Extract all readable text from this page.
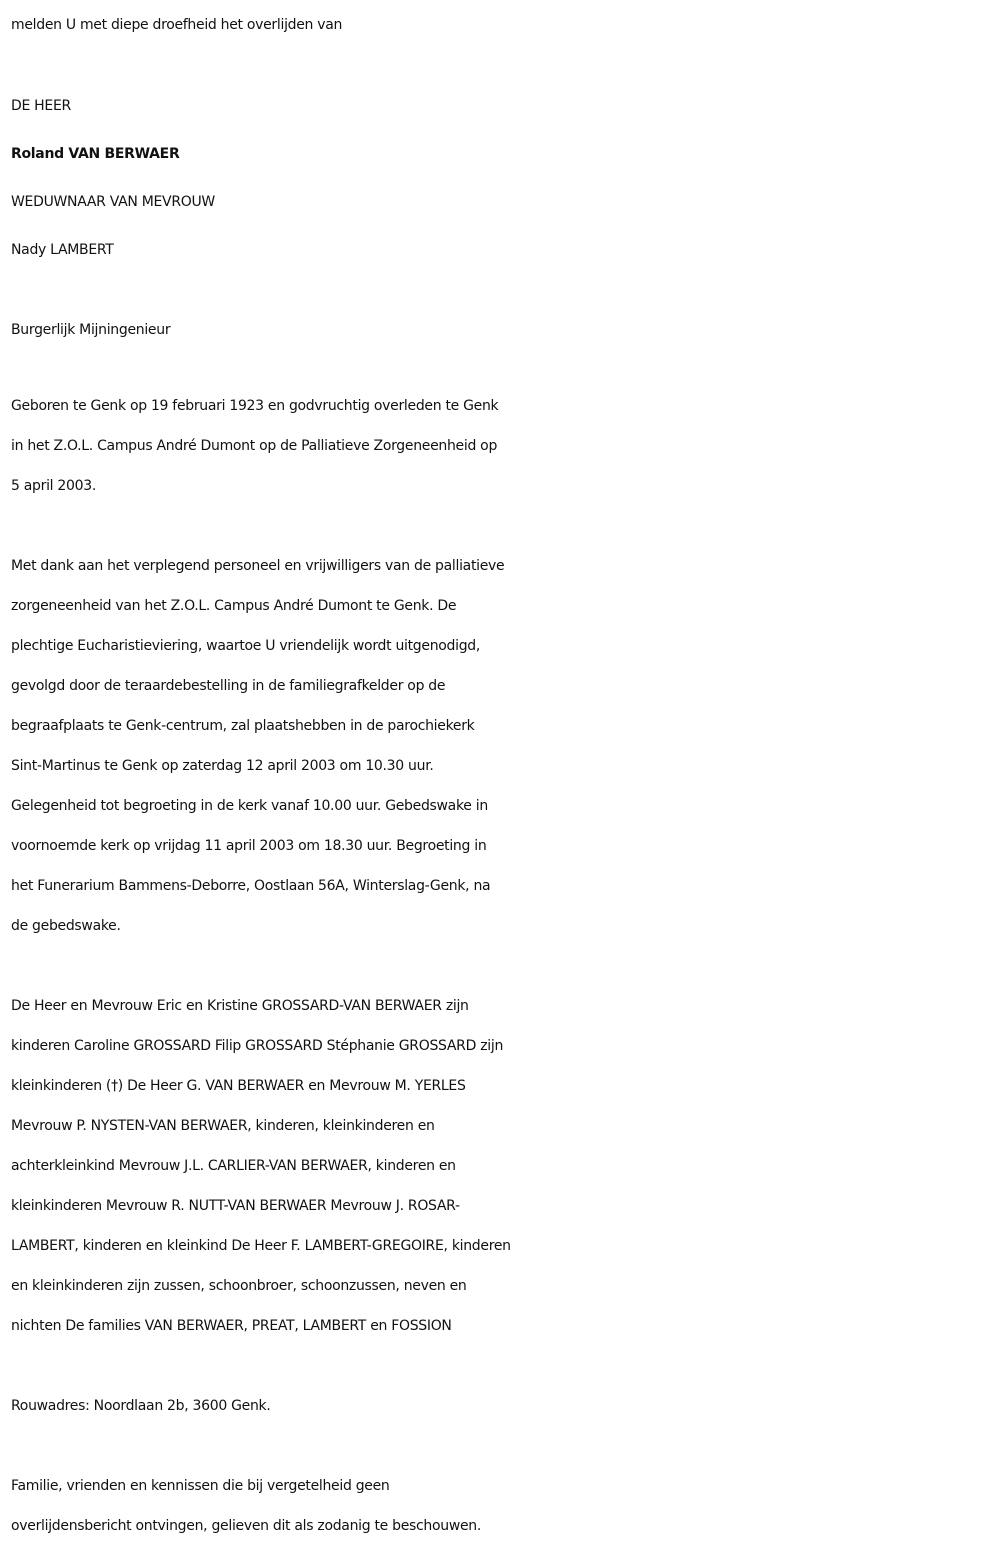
melden U met diepe droefheid het overlijden van
DE HEER
Roland VAN BERWAER
WEDUWNAAR VAN MEVROUW
Nady LAMBERT
Burgerlijk Mijningenieur
Geboren te Genk op 19 februari 1923 en godvruchtig overleden te Genk
in het Z.O.L. Campus André Dumont op de Palliatieve Zorgeneenheid op
5 april 2003.
Met dank aan het verplegend personeel en vrijwilligers van de palliatieve
zorgeneenheid van het Z.O.L. Campus André Dumont te Genk. De
plechtige Eucharistieviering, waartoe U vriendelijk wordt uitgenodigd,
gevolgd door de teraardebestelling in de familiegrafkelder op de
begraafplaats te Genk-centrum, zal plaatshebben in de parochiekerk
Sint-Martinus te Genk op zaterdag 12 april 2003 om 10.30 uur.
Gelegenheid tot begroeting in de kerk vanaf 10.00 uur. Gebedswake in
voornoemde kerk op vrijdag 11 april 2003 om 18.30 uur. Begroeting in
het Funerarium Bammens-Deborre, Oostlaan 56A, Winterslag-Genk, na
de gebedswake.
De Heer en Mevrouw Eric en Kristine GROSSARD-VAN BERWAER zijn
kinderen Caroline GROSSARD Filip GROSSARD Stéphanie GROSSARD zijn
kleinkinderen (†) De Heer G. VAN BERWAER en Mevrouw M. YERLES
Mevrouw P. NYSTEN-VAN BERWAER, kinderen, kleinkinderen en
achterkleinkind Mevrouw J.L. CARLIER-VAN BERWAER, kinderen en
kleinkinderen Mevrouw R. NUTT-VAN BERWAER Mevrouw J. ROSAR-
LAMBERT, kinderen en kleinkind De Heer F. LAMBERT-GREGOIRE, kinderen
en kleinkinderen zijn zussen, schoonbroer, schoonzussen, neven en
nichten De families VAN BERWAER, PREAT, LAMBERT en FOSSION
Rouwadres: Noordlaan 2b, 3600 Genk.
Familie, vrienden en kennissen die bij vergetelheid geen
overlijdensbericht ontvingen, gelieven dit als zodanig te beschouwen.
